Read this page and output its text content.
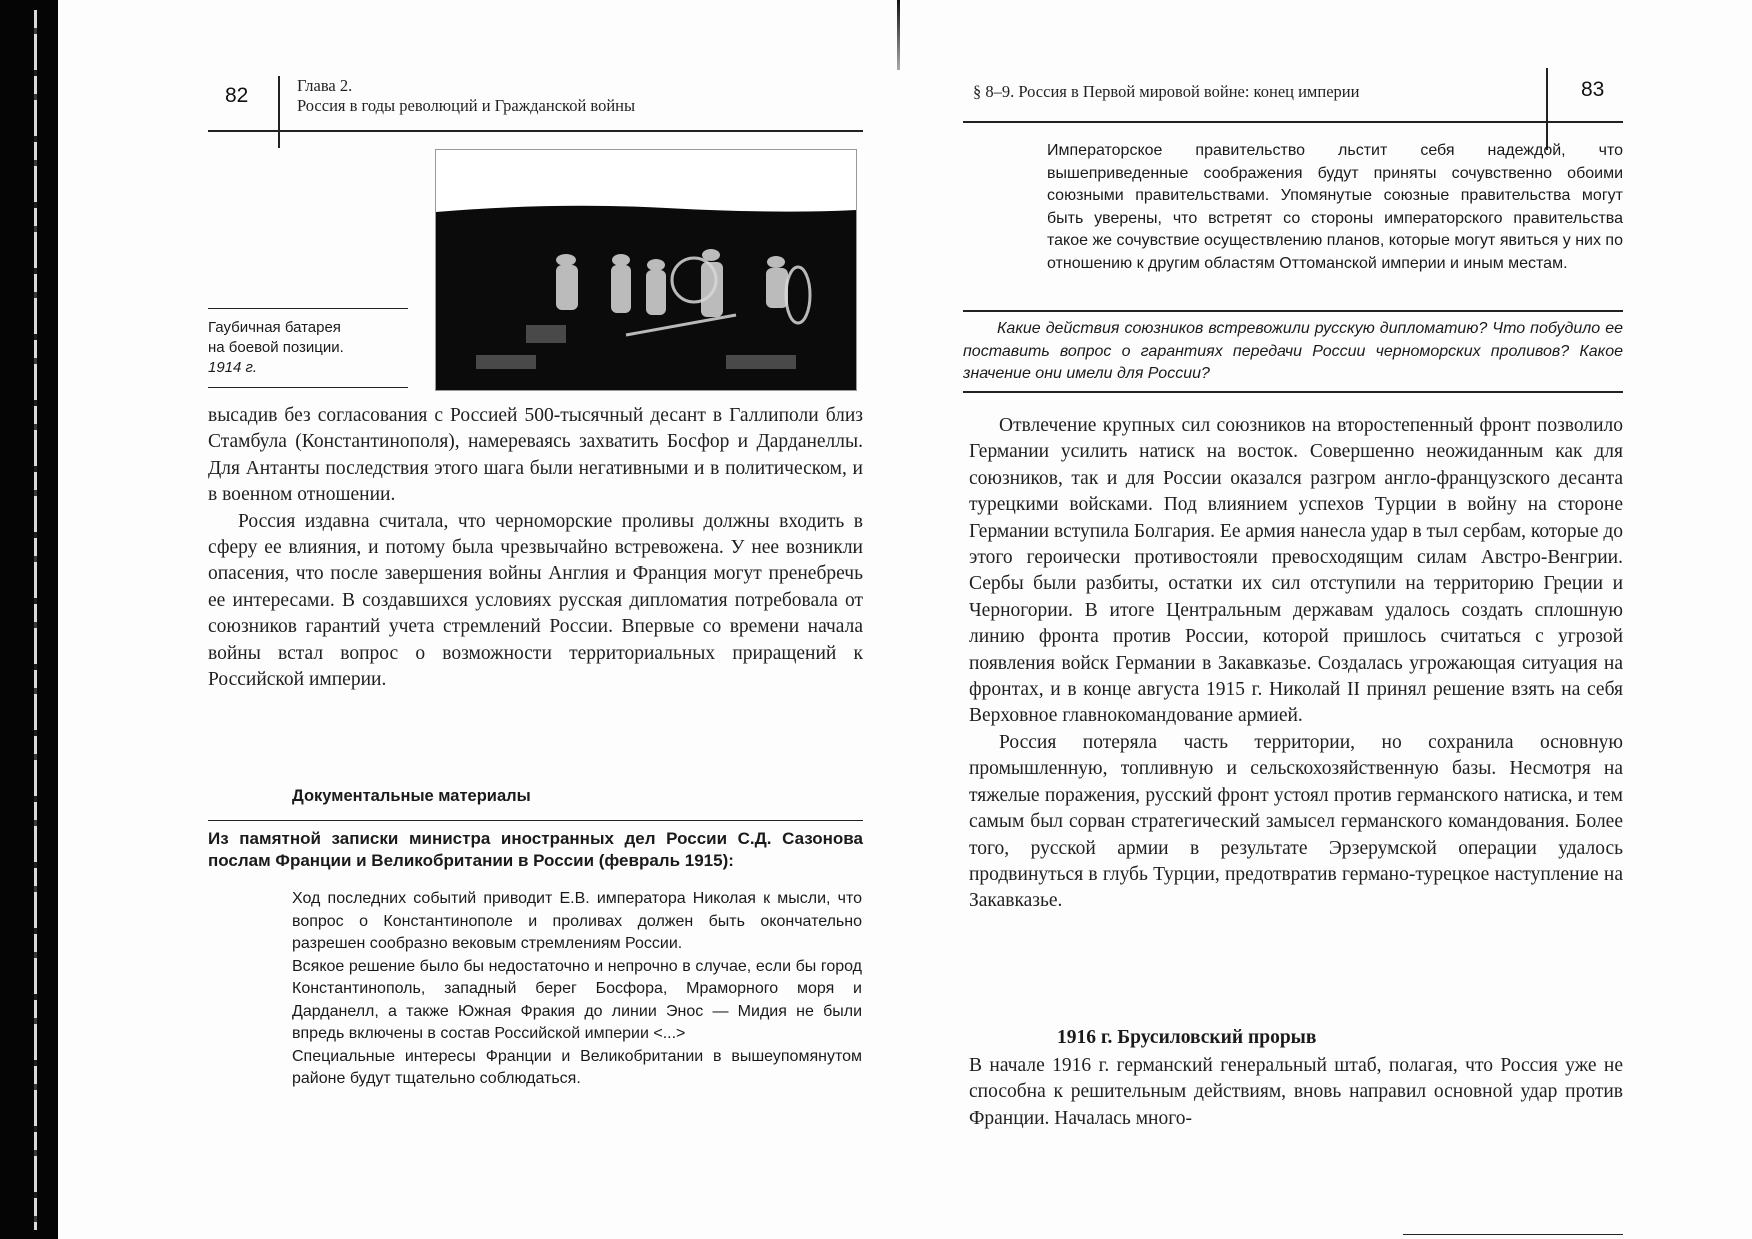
82	Глава 2.
Россия в годы революций и Гражданской войны
Гаубичная батарея
на боевой позиции.
1914 г.

высадив без согласования с Россией 500-тысячный десант в Галлиполи близ Стамбула (Константинополя), намереваясь захватить Босфор и Дарданеллы. Для Антанты последствия этого шага были негативными и в политическом, и в военном отношении.

Россия издавна считала, что черноморские проливы должны входить в сферу ее влияния, и потому была чрезвычайно встревожена. У нее возникли опасения, что после завершения войны Англия и Франция могут пренебречь ее интересами. В создавшихся условиях русская дипломатия потребовала от союзников гарантий учета стремлений России. Впервые со времени начала войны встал вопрос о возможности территориальных приращений к Российской империи.

Документальные материалы
Из памятной записки министра иностранных дел России С.Д. Сазонова послам Франции и Великобритании в России (февраль 1915):

Ход последних событий приводит Е.В. императора Николая к мысли, что вопрос о Константинополе и проливах должен быть окончательно разрешен сообразно вековым стремлениям России.

Всякое решение было бы недостаточно и непрочно в случае, если бы город Константинополь, западный берег Босфора, Мраморного моря и Дарданелл, а также Южная Фракия до линии Энос — Мидия не были впредь включены в состав Российской империи <...>

Специальные интересы Франции и Великобритании в вышеупомянутом районе будут тщательно соблюдаться.

§ 8–9. Россия в Первой мировой войне: конец империи	83
Императорское правительство льстит себя надеждой, что вышеприведенные соображения будут приняты сочувственно обоими союзными правительствами. Упомянутые союзные правительства могут быть уверены, что встретят со стороны императорского правительства такое же сочувствие осуществлению планов, которые могут явиться у них по отношению к другим областям Оттоманской империи и иным местам.

Какие действия союзников встревожили русскую дипломатию? Что побудило ее поставить вопрос о гарантиях передачи России черноморских проливов? Какое значение они имели для России?

Отвлечение крупных сил союзников на второстепенный фронт позволило Германии усилить натиск на восток. Совершенно неожиданным как для союзников, так и для России оказался разгром англо-французского десанта турецкими войсками. Под влиянием успехов Турции в войну на стороне Германии вступила Болгария. Ее армия нанесла удар в тыл сербам, которые до этого героически противостояли превосходящим силам Австро-Венгрии. Сербы были разбиты, остатки их сил отступили на территорию Греции и Черногории. В итоге Центральным державам удалось создать сплошную линию фронта против России, которой пришлось считаться с угрозой появления войск Германии в Закавказье. Создалась угрожающая ситуация на фронтах, и в конце августа 1915 г. Николай II принял решение взять на себя Верховное главнокомандование армией.

Россия потеряла часть территории, но сохранила основную промышленную, топливную и сельскохозяйственную базы. Несмотря на тяжелые поражения, русский фронт устоял против германского натиска, и тем самым был сорван стратегический замысел германского командования. Более того, русской армии в результате Эрзерумской операции удалось продвинуться в глубь Турции, предотвратив германо-турецкое наступление на Закавказье.

1916 г. Брусиловский прорыв

В начале 1916 г. германский генеральный штаб, полагая, что Россия уже не способна к решительным действиям, вновь направил основной удар против Франции. Началась много-
